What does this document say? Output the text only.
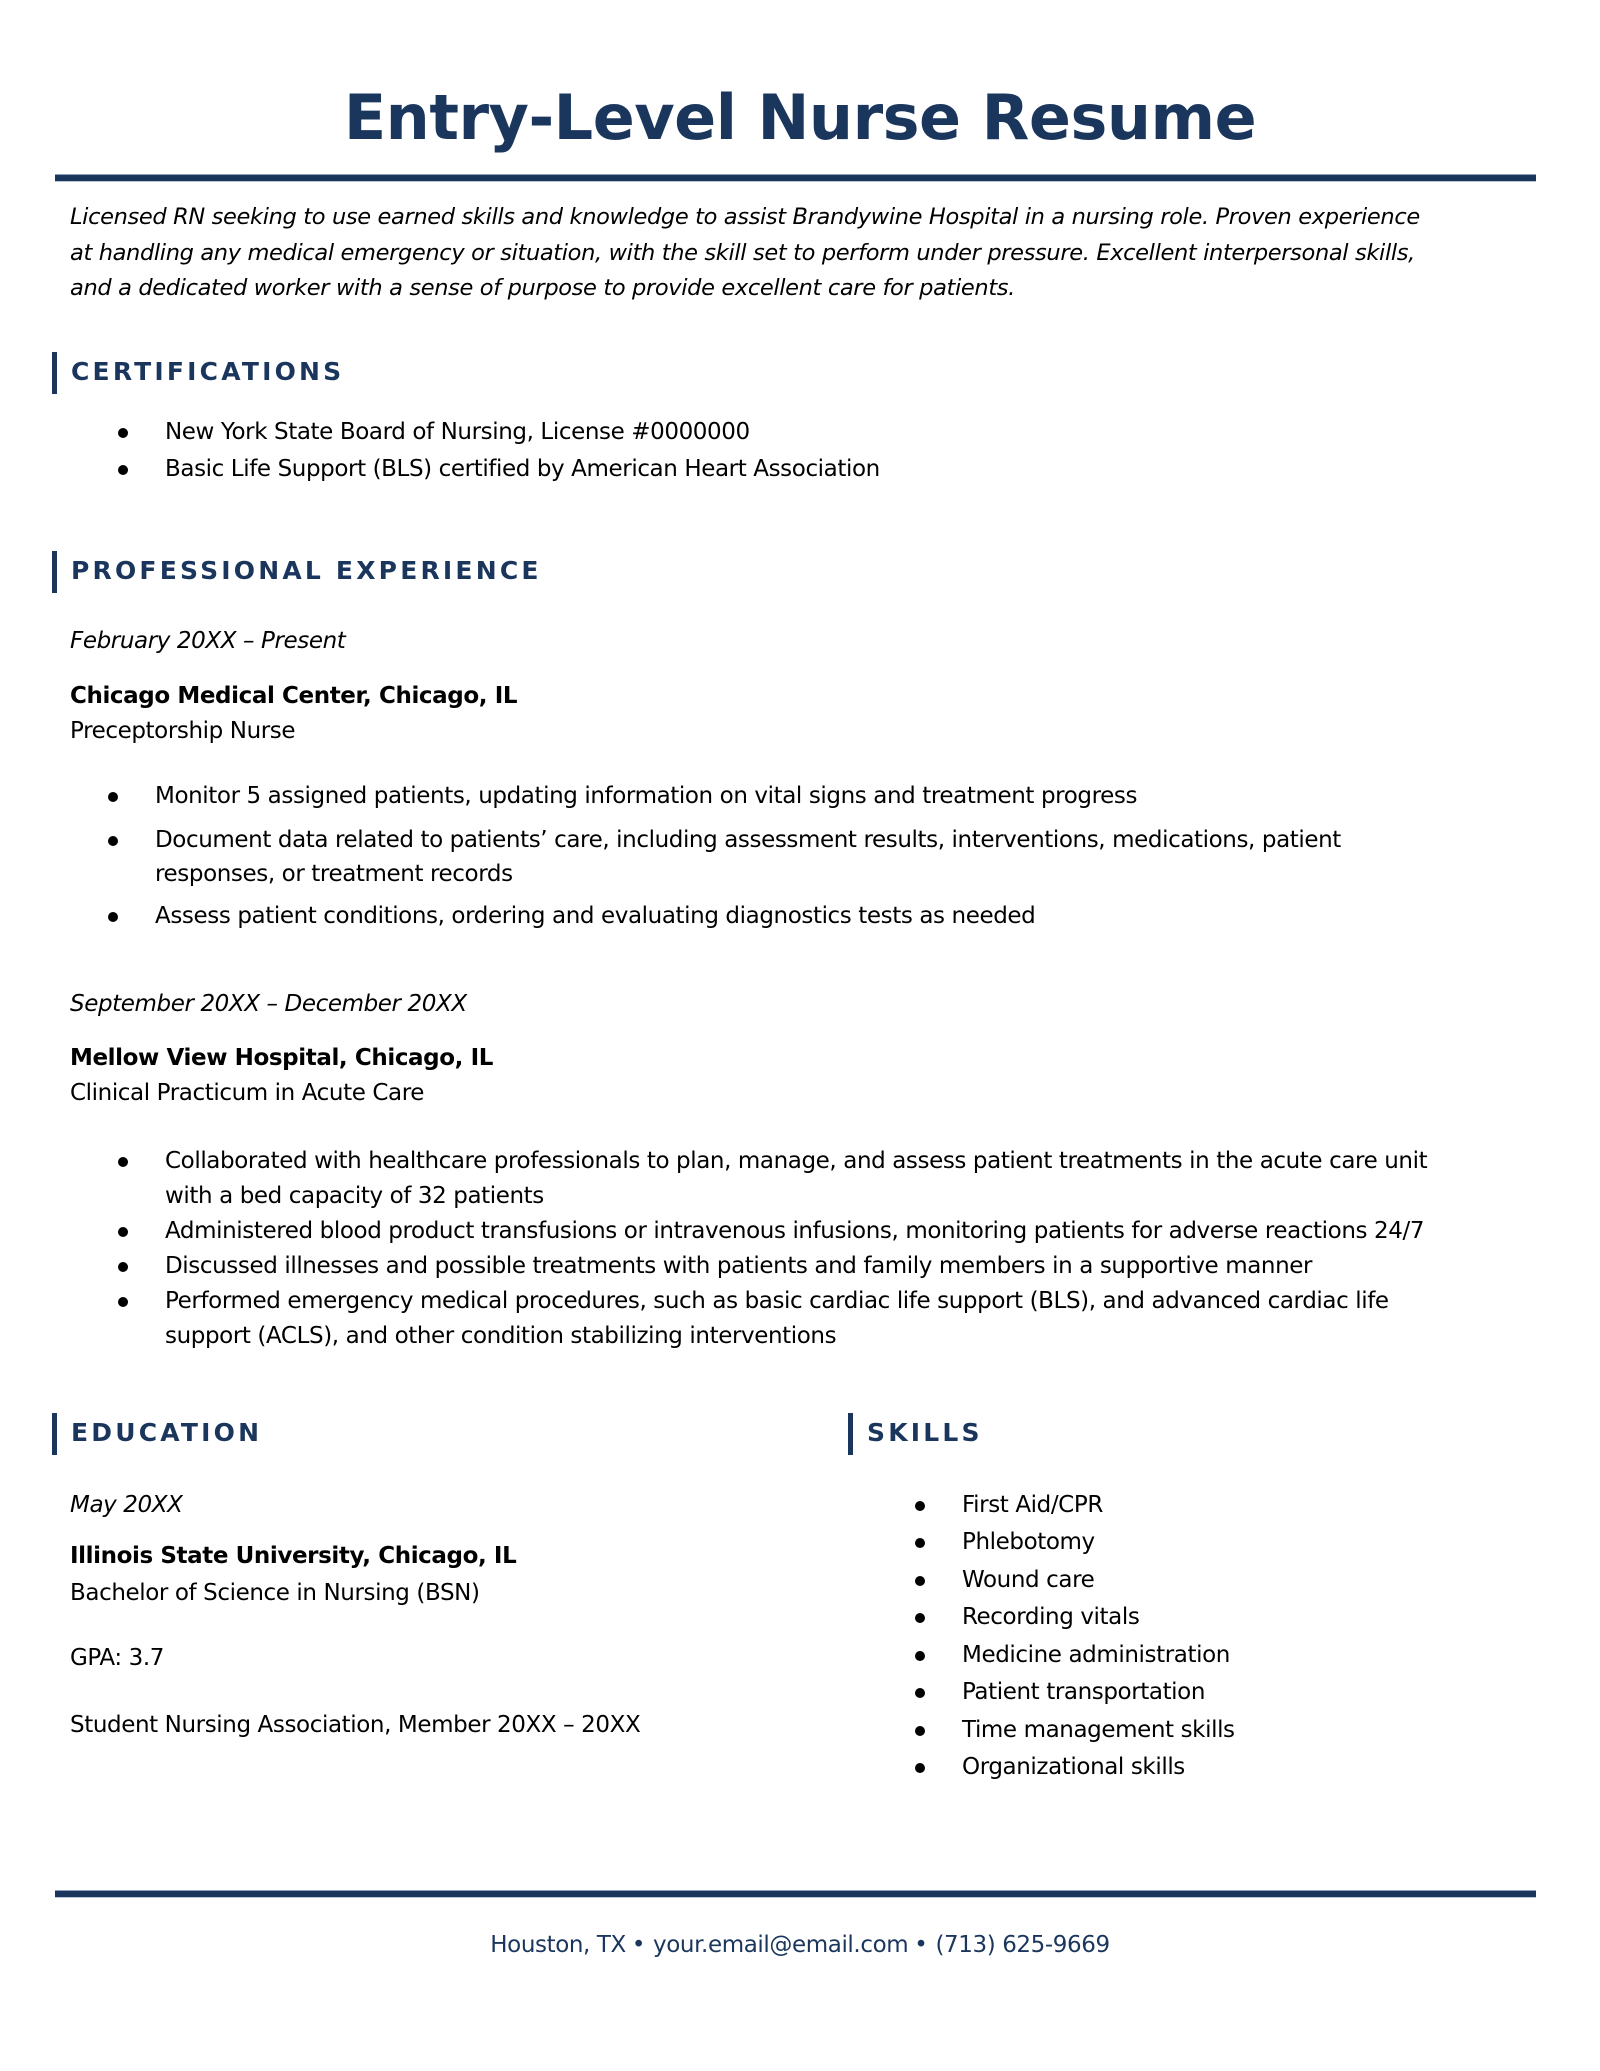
Entry-Level Nurse Resume
Licensed RN seeking to use earned skills and knowledge to assist Brandywine Hospital in a nursing role. Proven experience
at handling any medical emergency or situation, with the skill set to perform under pressure. Excellent interpersonal skills,
and a dedicated worker with a sense of purpose to provide excellent care for patients.
CERTIFICATIONS
New York State Board of Nursing, License #0000000
Basic Life Support (BLS) certified by American Heart Association
PROFESSIONAL EXPERIENCE
February 20XX – Present
Chicago Medical Center, Chicago, IL
Preceptorship Nurse
Monitor 5 assigned patients, updating information on vital signs and treatment progress
Document data related to patients’ care, including assessment results, interventions, medications, patient
responses, or treatment records
Assess patient conditions, ordering and evaluating diagnostics tests as needed
September 20XX – December 20XX
Mellow View Hospital, Chicago, IL
Clinical Practicum in Acute Care
Collaborated with healthcare professionals to plan, manage, and assess patient treatments in the acute care unit
with a bed capacity of 32 patients
Administered blood product transfusions or intravenous infusions, monitoring patients for adverse reactions 24/7
Discussed illnesses and possible treatments with patients and family members in a supportive manner
Performed emergency medical procedures, such as basic cardiac life support (BLS), and advanced cardiac life
support (ACLS), and other condition stabilizing interventions
EDUCATION
May 20XX
Illinois State University, Chicago, IL
Bachelor of Science in Nursing (BSN)
GPA: 3.7
Student Nursing Association, Member 20XX – 20XX
SKILLS
First Aid/CPR
Phlebotomy
Wound care
Recording vitals
Medicine administration
Patient transportation
Time management skills
Organizational skills
Houston, TX • your.email@email.com • (713) 625-9669
